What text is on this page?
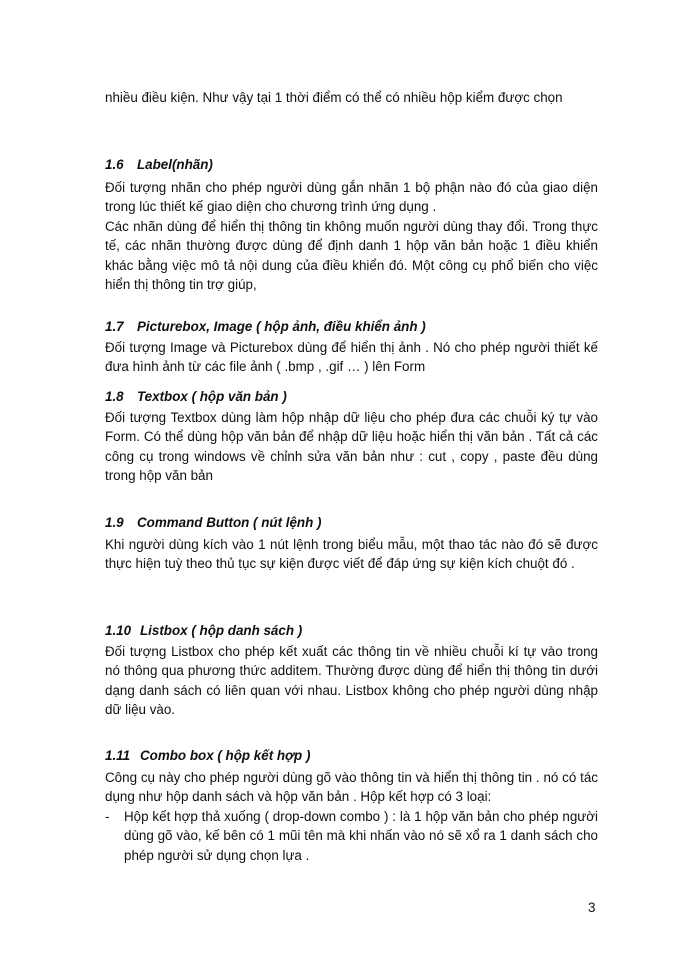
nhiều điều kiện. Như vậy tại 1 thời điểm có thể có nhiều hộp kiểm được chọn

1.6 Label(nhãn)

Đối tượng nhãn cho phép người dùng gắn nhãn 1 bộ phận nào đó của giao diện trong lúc thiết kế giao diện cho chương trình ứng dụng .

Các nhãn dùng để hiển thị thông tin không muốn người dùng thay đổi. Trong thực tế, các nhãn thường được dùng để định danh 1 hộp văn bản hoặc 1 điều khiển khác bằng việc mô tả nội dung của điều khiển đó. Một công cụ phổ biến cho việc hiển thị thông tin trợ giúp,

1.7 Picturebox, Image ( hộp ảnh, điều khiển ảnh )

Đối tượng Image và Picturebox dùng để hiển thị ảnh . Nó cho phép người thiết kế đưa hình ảnh từ các file ảnh ( .bmp , .gif … ) lên Form

1.8 Textbox ( hộp văn bản )

Đối tượng Textbox dùng làm hộp nhập dữ liệu cho phép đưa các chuỗi ký tự vào Form. Có thể dùng hộp văn bản để nhập dữ liệu hoặc hiển thị văn bản . Tất cả các công cụ trong windows về chỉnh sửa văn bản như : cut , copy , paste đều dùng trong hộp văn bản

1.9 Command Button ( nút lệnh )

Khi người dùng kích vào 1 nút lệnh trong biểu mẫu, một thao tác nào đó sẽ được thực hiện tuỳ theo thủ tục sự kiện được viết để đáp ứng sự kiện kích chuột đó .

1.10 Listbox ( hộp danh sách )

Đối tượng Listbox cho phép kết xuất các thông tin về nhiều chuỗi kí tự vào trong nó thông qua phương thức additem. Thường được dùng để hiển thị thông tin dưới dạng danh sách có liên quan với nhau. Listbox không cho phép người dùng nhập dữ liệu vào.

1.11 Combo box ( hộp kết hợp )

Công cụ này cho phép người dùng gõ vào thông tin và hiển thị thông tin . nó có tác dụng như hộp danh sách và hộp văn bản . Hộp kết hợp có 3 loại:

- Hộp kết hợp thả xuống ( drop-down combo ) : là 1 hộp văn bản cho phép người dùng gõ vào, kế bên có 1 mũi tên mà khi nhấn vào nó sẽ xổ ra 1 danh sách cho phép người sử dụng chọn lựa .
3
